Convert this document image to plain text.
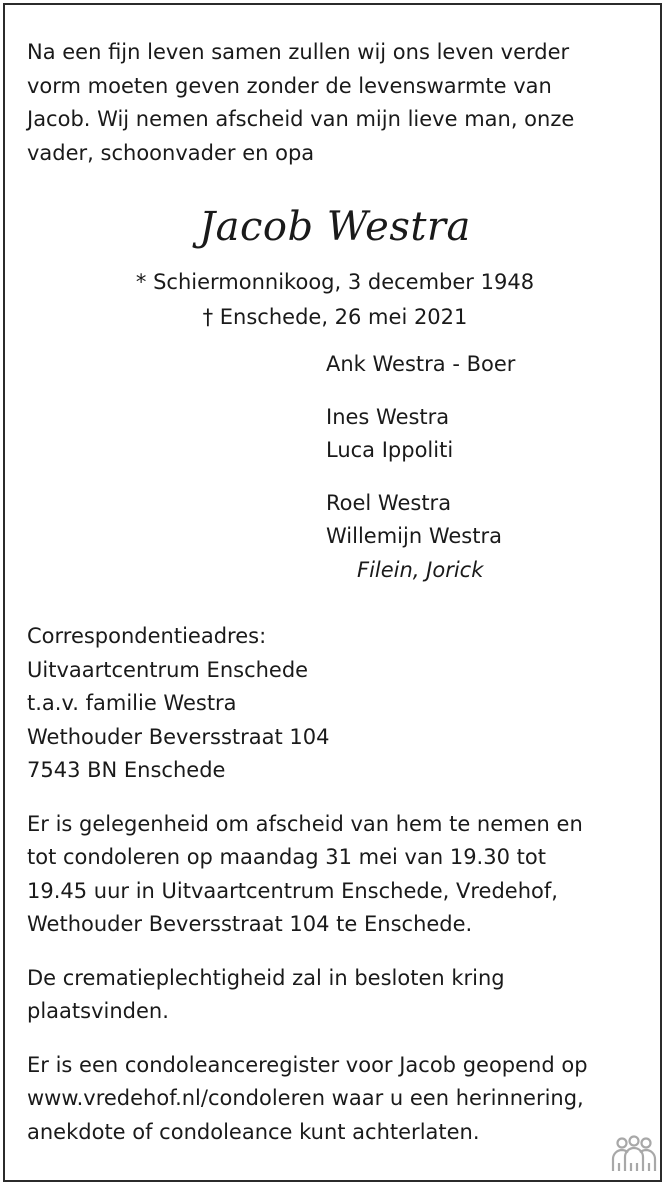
Na een fijn leven samen zullen wij ons leven verder

vorm moeten geven zonder de levenswarmte van

Jacob. Wij nemen afscheid van mijn lieve man, onze

vader, schoonvader en opa

Jacob Westra

* Schiermonnikoog, 3 december 1948

† Enschede, 26 mei 2021

Ank Westra - Boer

Ines Westra

Luca Ippoliti

Roel Westra

Willemijn Westra

Filein, Jorick

Correspondentieadres:

Uitvaartcentrum Enschede

t.a.v. familie Westra

Wethouder Beversstraat 104

7543 BN Enschede

Er is gelegenheid om afscheid van hem te nemen en

tot condoleren op maandag 31 mei van 19.30 tot

19.45 uur in Uitvaartcentrum Enschede, Vredehof,

Wethouder Beversstraat 104 te Enschede.

De crematieplechtigheid zal in besloten kring

plaatsvinden.

Er is een condoleanceregister voor Jacob geopend op

www.vredehof.nl/condoleren waar u een herinnering,

anekdote of condoleance kunt achterlaten.
